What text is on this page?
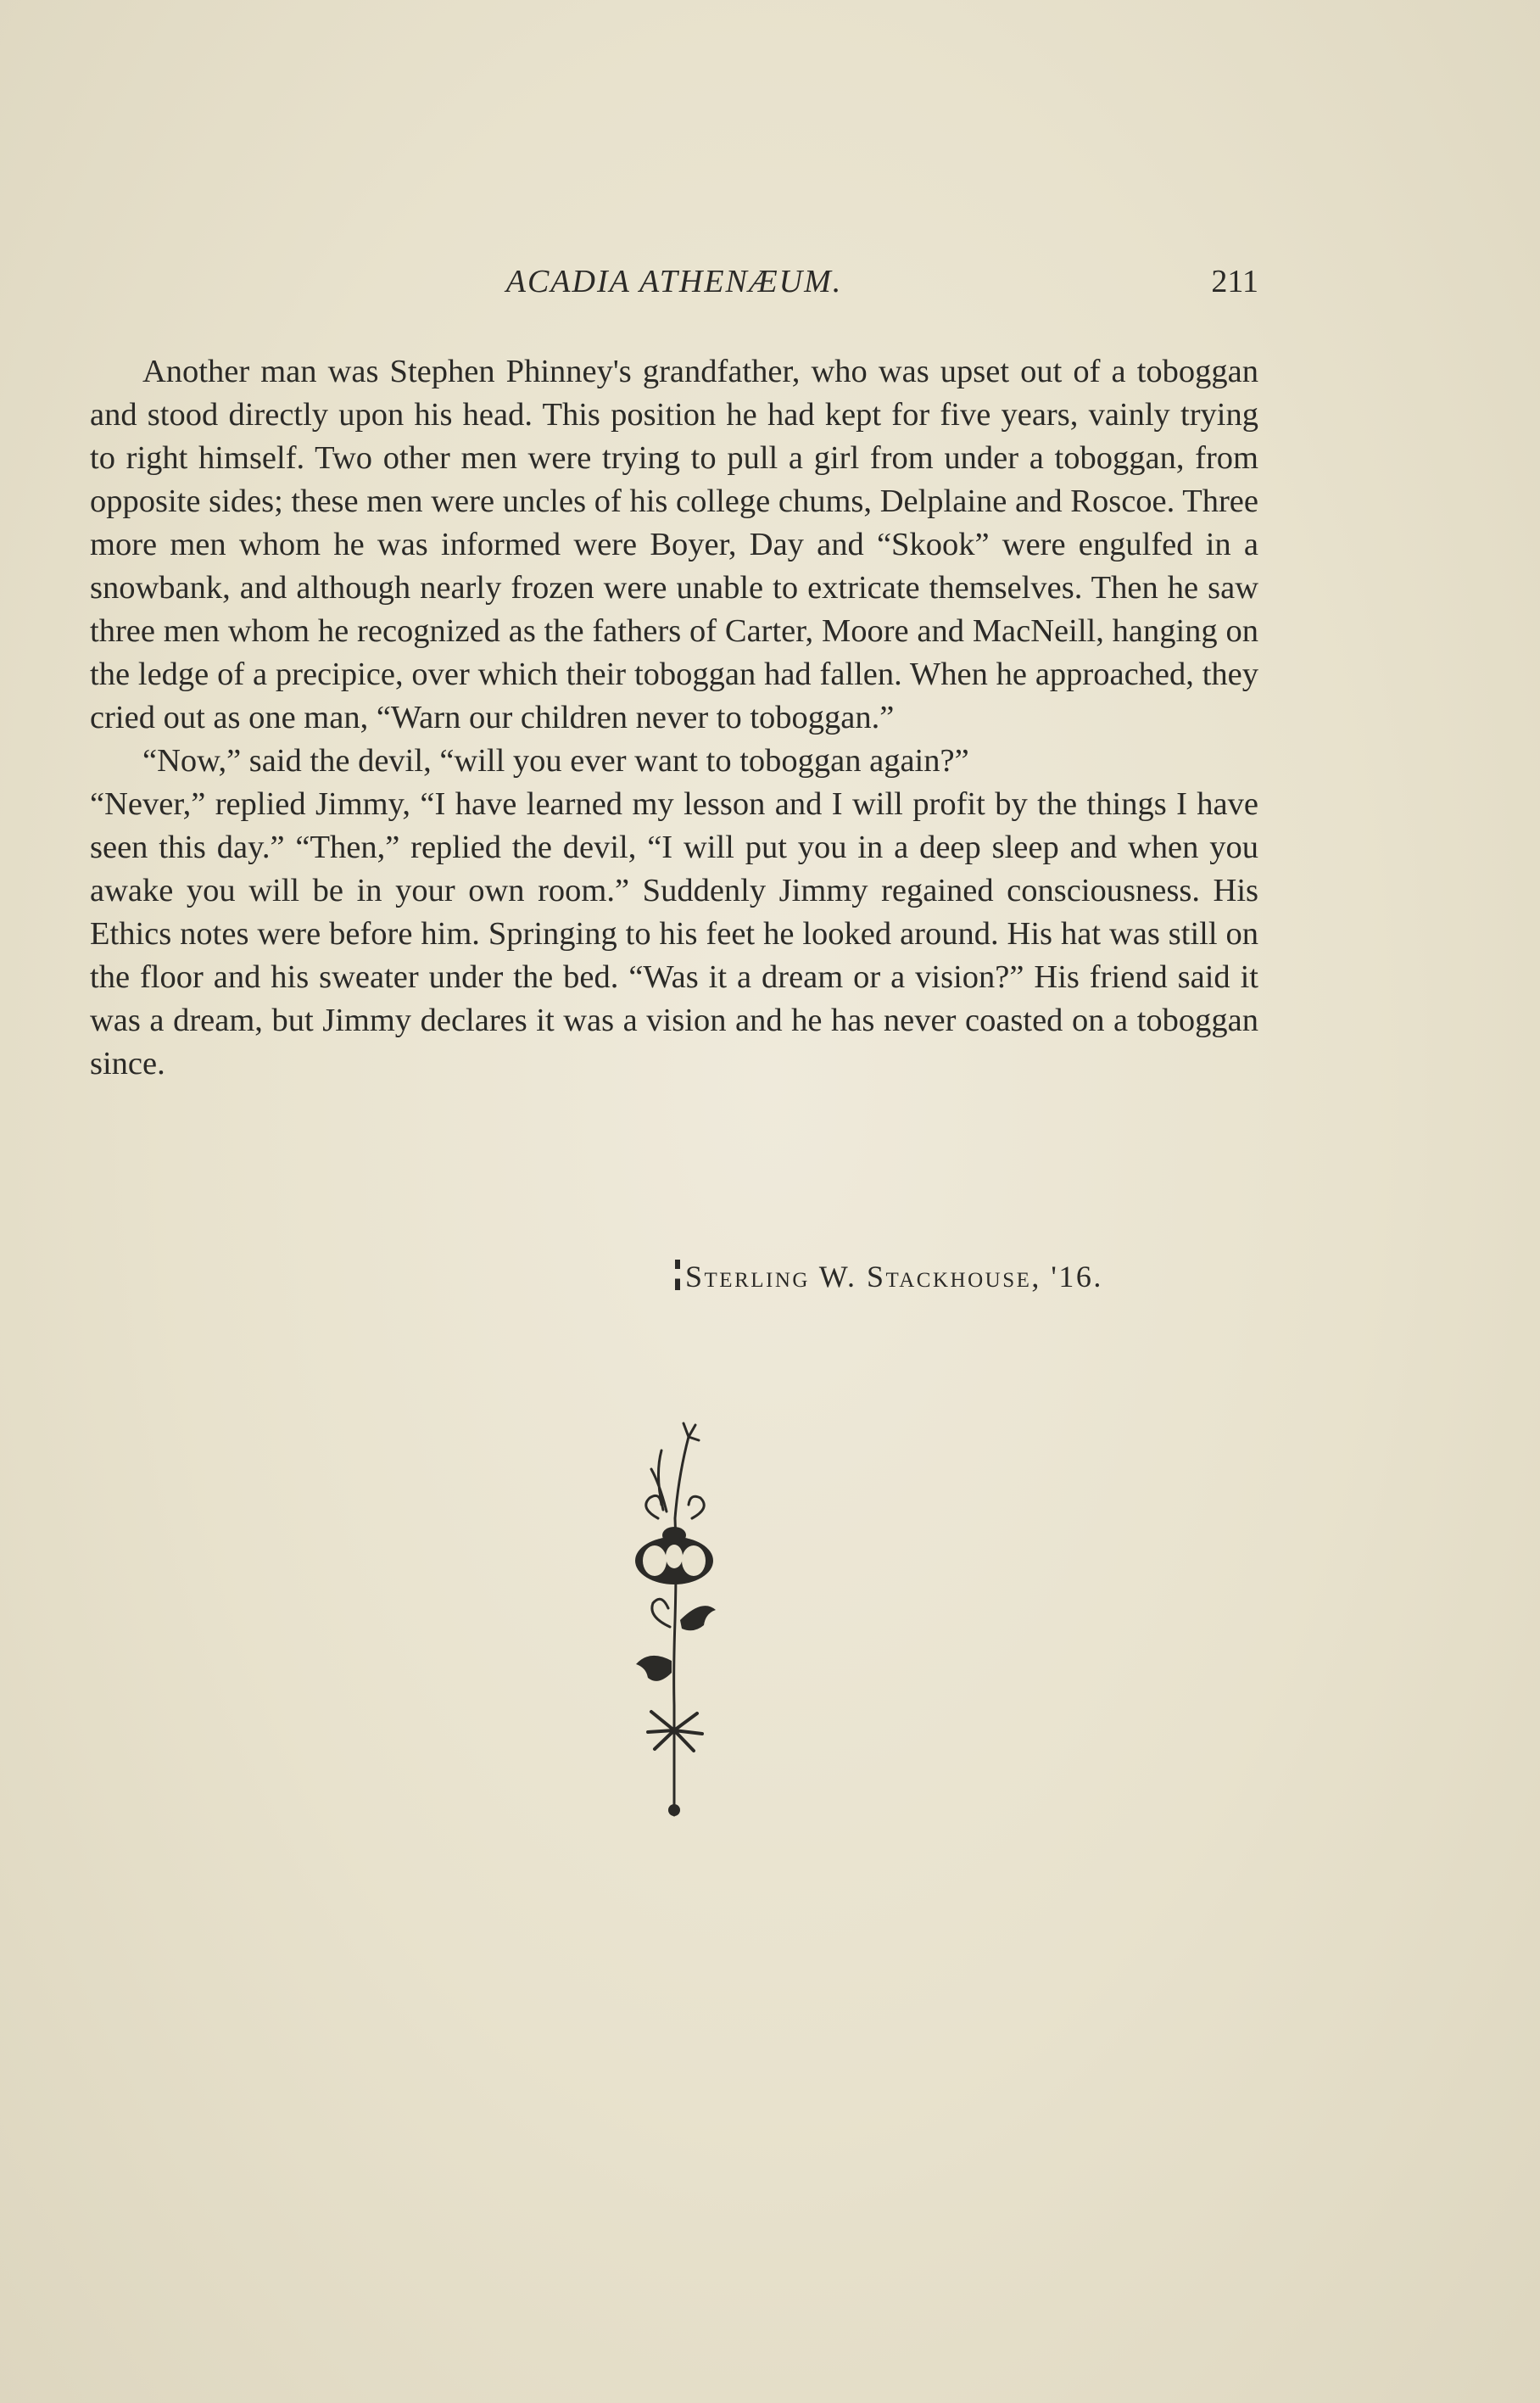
ACADIA ATHENÆUM.	211

Another man was Stephen Phinney's grandfather, who was upset out of a toboggan and stood directly upon his head. This position he had kept for five years, vainly trying to right himself. Two other men were trying to pull a girl from under a toboggan, from opposite sides; these men were uncles of his college chums, Delplaine and Roscoe. Three more men whom he was informed were Boyer, Day and “Skook” were engulfed in a snowbank, and although nearly frozen were unable to extricate themselves. Then he saw three men whom he recognized as the fathers of Carter, Moore and MacNeill, hanging on the ledge of a precipice, over which their toboggan had fallen. When he approached, they cried out as one man, “Warn our children never to toboggan.”

“Now,” said the devil, “will you ever want to toboggan again?”

“Never,” replied Jimmy, “I have learned my lesson and I will profit by the things I have seen this day.” “Then,” replied the devil, “I will put you in a deep sleep and when you awake you will be in your own room.” Suddenly Jimmy regained consciousness. His Ethics notes were before him. Springing to his feet he looked around. His hat was still on the floor and his sweater under the bed. “Was it a dream or a vision?” His friend said it was a dream, but Jimmy declares it was a vision and he has never coasted on a toboggan since.

Sterling W. Stackhouse, '16.
